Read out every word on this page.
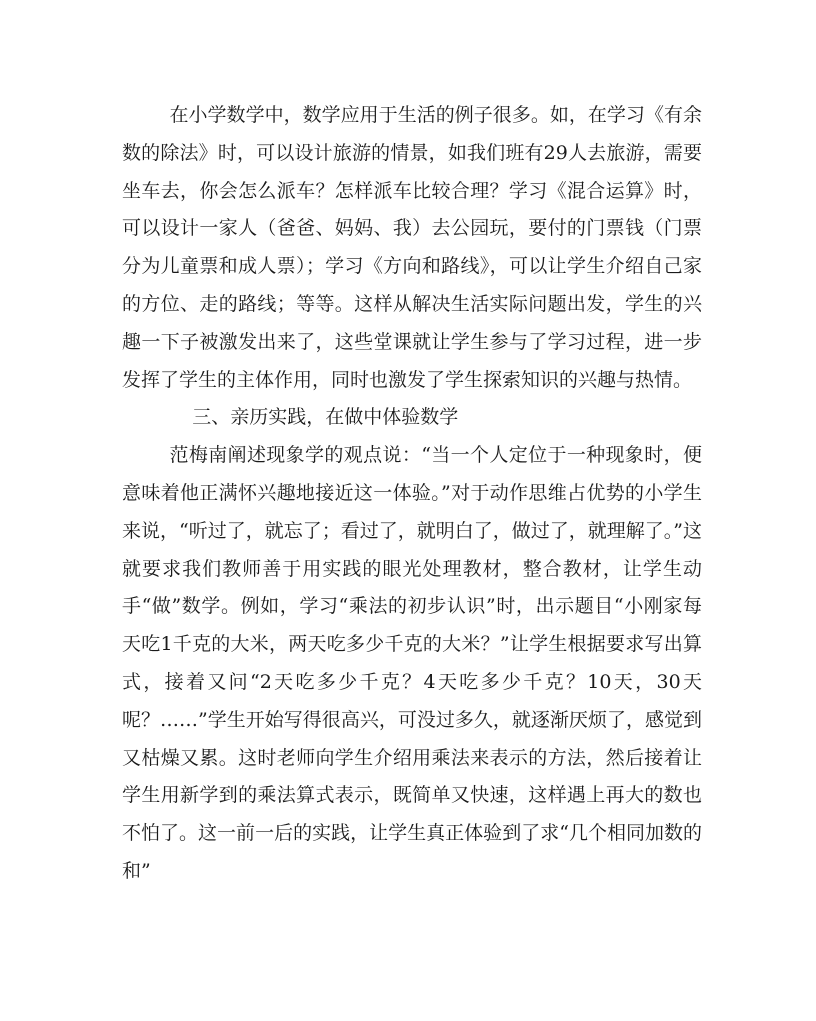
在小学数学中，数学应用于生活的例子很多。如，在学习《有余数的除法》时，可以设计旅游的情景，如我们班有29人去旅游，需要坐车去，你会怎么派车？怎样派车比较合理？学习《混合运算》时，可以设计一家人（爸爸、妈妈、我）去公园玩，要付的门票钱（门票分为儿童票和成人票）；学习《方向和路线》，可以让学生介绍自己家的方位、走的路线；等等。这样从解决生活实际问题出发，学生的兴趣一下子被激发出来了，这些堂课就让学生参与了学习过程，进一步发挥了学生的主体作用，同时也激发了学生探索知识的兴趣与热情。

三、亲历实践，在做中体验数学

范梅南阐述现象学的观点说：“当一个人定位于一种现象时，便意味着他正满怀兴趣地接近这一体验。”对于动作思维占优势的小学生来说，“听过了，就忘了；看过了，就明白了，做过了，就理解了。”这就要求我们教师善于用实践的眼光处理教材，整合教材，让学生动手“做”数学。例如，学习“乘法的初步认识”时，出示题目“小刚家每天吃1千克的大米，两天吃多少千克的大米？”让学生根据要求写出算式，接着又问“2天吃多少千克？4天吃多少千克？10天，30天呢？……”学生开始写得很高兴，可没过多久，就逐渐厌烦了，感觉到又枯燥又累。这时老师向学生介绍用乘法来表示的方法，然后接着让学生用新学到的乘法算式表示，既简单又快速，这样遇上再大的数也不怕了。这一前一后的实践，让学生真正体验到了求“几个相同加数的和”
